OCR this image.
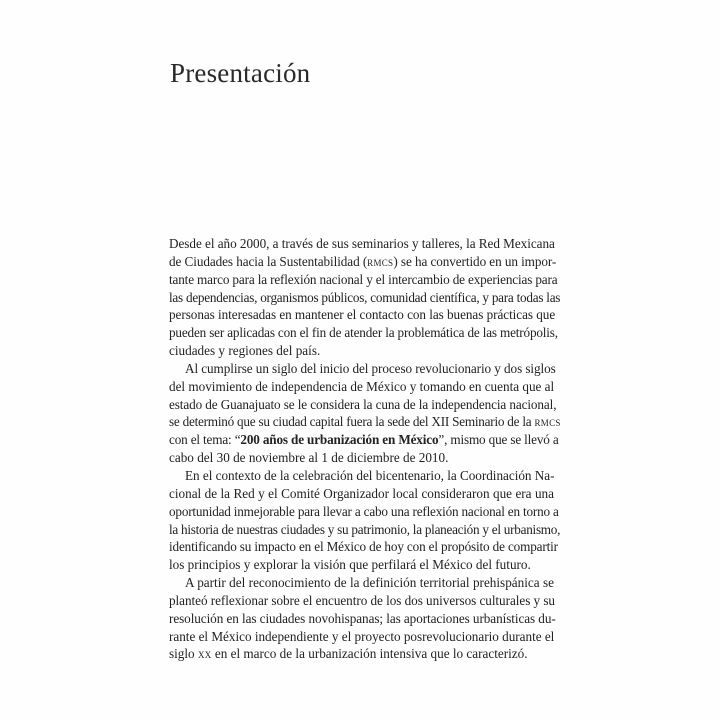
Presentación

Desde el año 2000, a través de sus seminarios y talleres, la Red Mexicana
de Ciudades hacia la Sustentabilidad (rmcs) se ha convertido en un impor-
tante marco para la reflexión nacional y el intercambio de experiencias para
las dependencias, organismos públicos, comunidad científica, y para todas las
personas interesadas en mantener el contacto con las buenas prácticas que
pueden ser aplicadas con el fin de atender la problemática de las metrópolis,
ciudades y regiones del país.

Al cumplirse un siglo del inicio del proceso revolucionario y dos siglos
del movimiento de independencia de México y tomando en cuenta que al
estado de Guanajuato se le considera la cuna de la independencia nacional,
se determinó que su ciudad capital fuera la sede del XII Seminario de la rmcs
con el tema: “200 años de urbanización en México”, mismo que se llevó a
cabo del 30 de noviembre al 1 de diciembre de 2010.

En el contexto de la celebración del bicentenario, la Coordinación Na-
cional de la Red y el Comité Organizador local consideraron que era una
oportunidad inmejorable para llevar a cabo una reflexión nacional en torno a
la historia de nuestras ciudades y su patrimonio, la planeación y el urbanismo,
identificando su impacto en el México de hoy con el propósito de compartir
los principios y explorar la visión que perfilará el México del futuro.

A partir del reconocimiento de la definición territorial prehispánica se
planteó reflexionar sobre el encuentro de los dos universos culturales y su
resolución en las ciudades novohispanas; las aportaciones urbanísticas du-
rante el México independiente y el proyecto posrevolucionario durante el
siglo xx en el marco de la urbanización intensiva que lo caracterizó.
